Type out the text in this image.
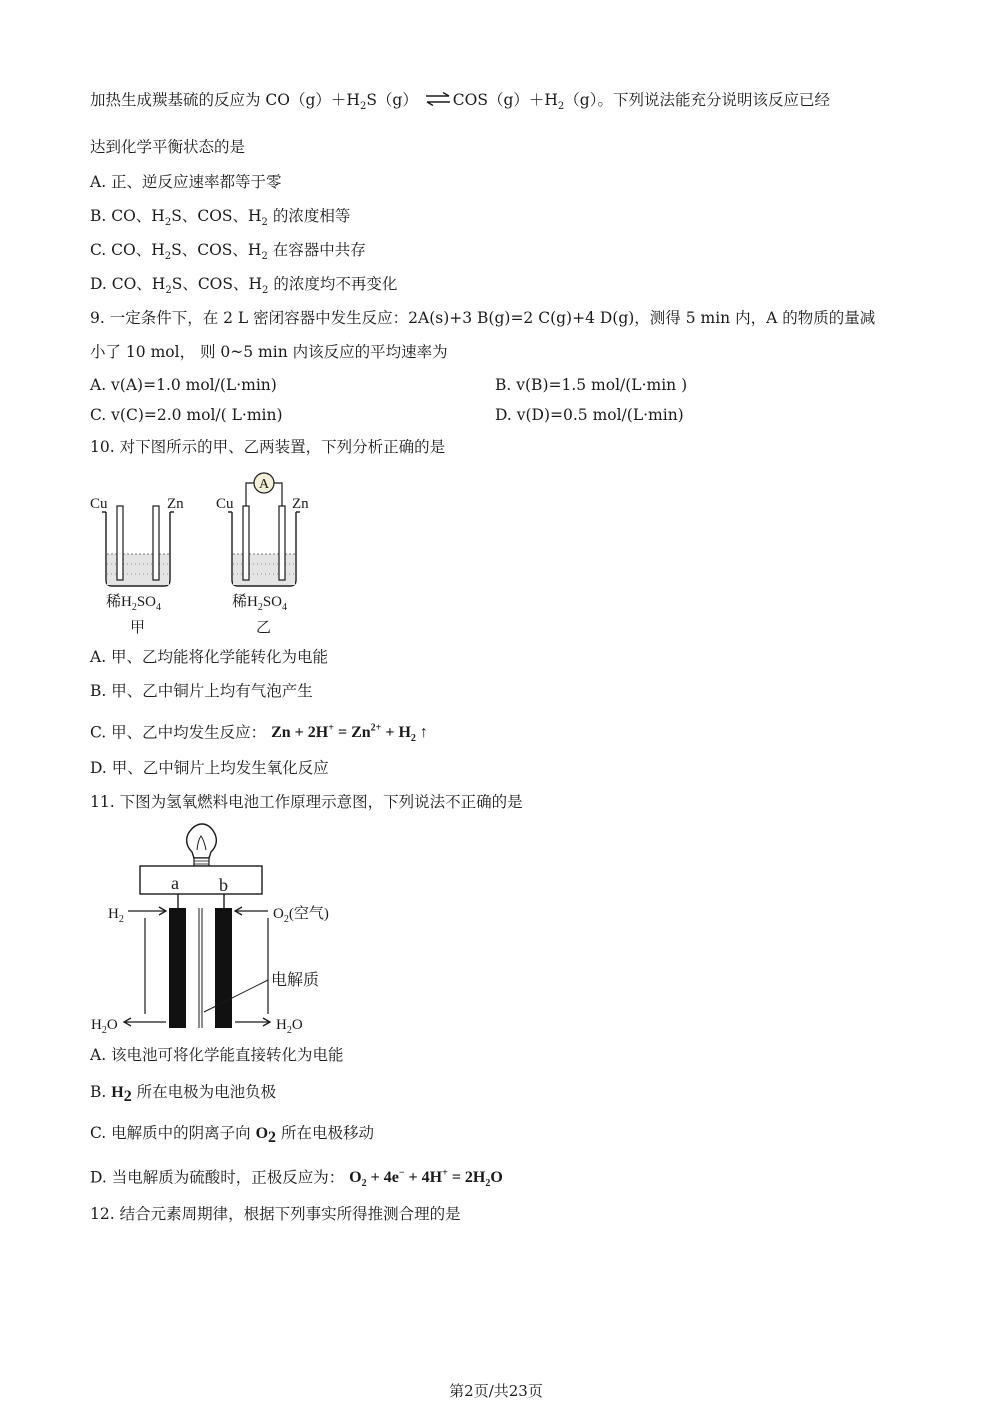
加热生成羰基硫的反应为 $CO(g)+H_2S(g)$ ⇌ $COS(g)+H_2(g)$。下列说法能充分说明该反应已经
达到化学平衡状态的是
A. 正、逆反应速率都等于零
B. CO、$H_2S$、COS、$H_2$ 的浓度相等
C. CO、$H_2S$、COS、$H_2$ 在容器中共存
D. CO、$H_2S$、COS、$H_2$ 的浓度均不再变化
9. 一定条件下，在 2 L 密闭容器中发生反应：2A(s)+3 B(g)=2 C(g)+4 D(g)，测得 5 min 内，A 的物质的量减
小了 10 mol， 则 0~5 min 内该反应的平均速率为
A. v(A)=1.0 mol/(L·min)	B. v(B)=1.5 mol/(L·min )
C. v(C)=2.0 mol/( L·min)	D. v(D)=0.5 mol/(L·min)
10. 对下图所示的甲、乙两装置，下列分析正确的是
Cu	Zn
稀$H_2SO_4$
甲
A
Cu	Zn
稀$H_2SO_4$
乙
A. 甲、乙均能将化学能转化为电能
B. 甲、乙中铜片上均有气泡产生
C. 甲、乙中均发生反应： $Zn + 2H^+ = Zn^{2+} + H_2$ ↑
D. 甲、乙中铜片上均发生氧化反应
11. 下图为氢氧燃料电池工作原理示意图，下列说法不正确的是
a b
$H_2$	$O_2$(空气)
电解质
$H_2O$	$H_2O$
A. 该电池可将化学能直接转化为电能
B. $H_2$ 所在电极为电池负极
C. 电解质中的阴离子向 $O_2$ 所在电极移动
D. 当电解质为硫酸时，正极反应为： $O_2 + 4e^- + 4H^+ = 2H_2O$
12. 结合元素周期律，根据下列事实所得推测合理的是
第2页/共23页
